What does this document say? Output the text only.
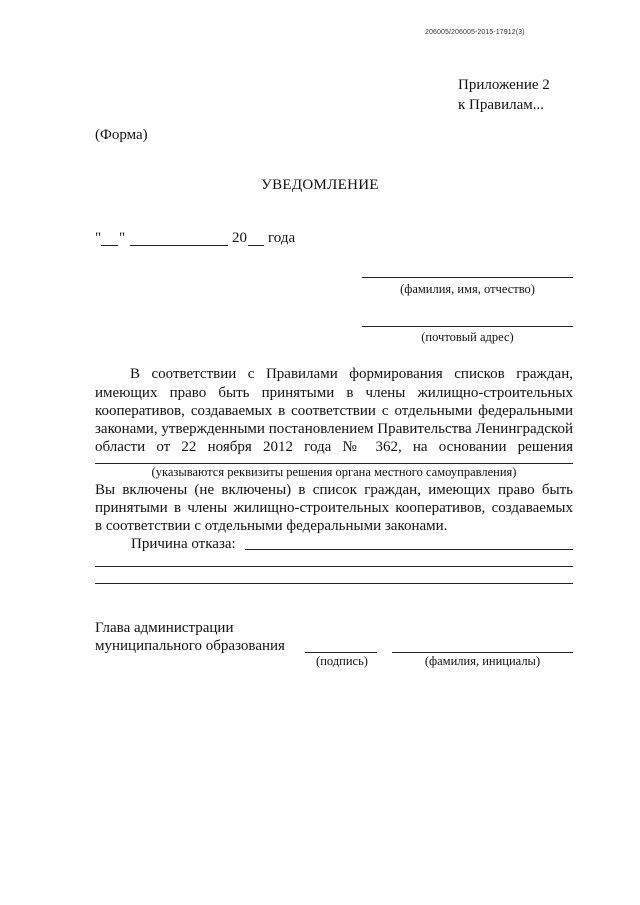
206005/206005-2015-17912(3)
Приложение 2
к Правилам...
(Форма)
УВЕДОМЛЕНИЕ
" "	20 года
(фамилия, имя, отчество)
(почтовый адрес)
В соответствии с Правилами формирования списков граждан,
имеющих право быть принятыми в члены жилищно-строительных
кооперативов, создаваемых в соответствии с отдельными федеральными
законами, утвержденными постановлением Правительства Ленинградской
области от 22 ноября 2012 года № 362, на основании решения
(указываются реквизиты решения органа местного самоуправления)
Вы включены (не включены) в список граждан, имеющих право быть
принятыми в члены жилищно-строительных кооперативов, создаваемых
в соответствии с отдельными федеральными законами.
Причина отказа:
Глава администрации
муниципального образования
(подпись)	(фамилия, инициалы)
